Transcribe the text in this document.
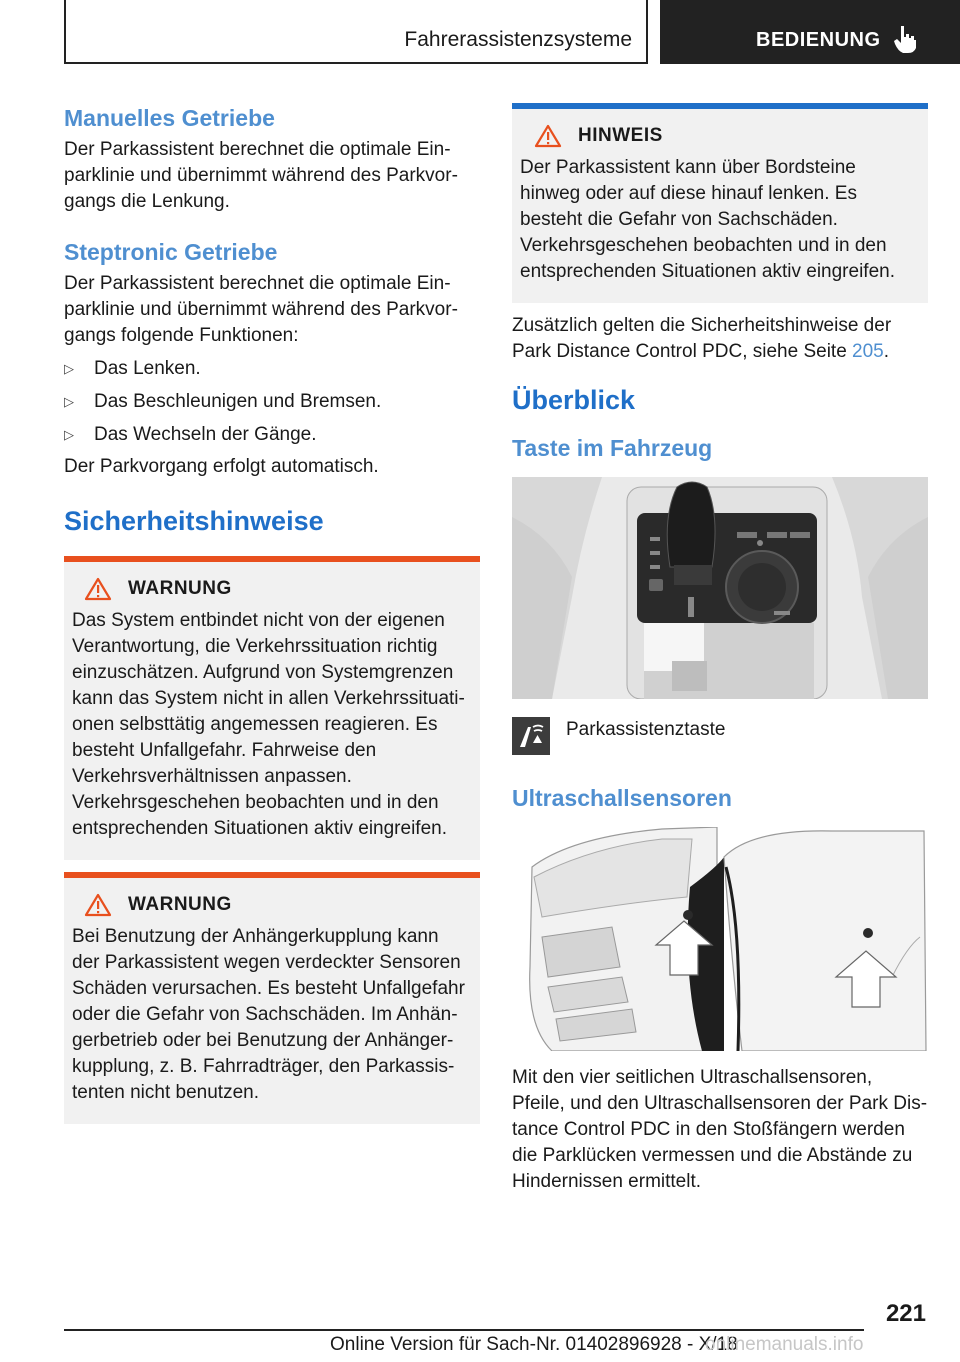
Fahrerassistenzsysteme	BEDIENUNG
Manuelles Getriebe

Der Parkassistent berechnet die optimale Einparklinie und übernimmt während des Parkvorgangs die Lenkung.

Steptronic Getriebe

Der Parkassistent berechnet die optimale Einparklinie und übernimmt während des Parkvorgangs folgende Funktionen:

▷ Das Lenken.
▷ Das Beschleunigen und Bremsen.
▷ Das Wechseln der Gänge.

Der Parkvorgang erfolgt automatisch.

Sicherheitshinweise
WARNUNG

Das System entbindet nicht von der eigenen Verantwortung, die Verkehrssituation richtig einzuschätzen. Aufgrund von Systemgrenzen kann das System nicht in allen Verkehrssituationen selbsttätig angemessen reagieren. Es besteht Unfallgefahr. Fahrweise den Verkehrsverhältnissen anpassen. Verkehrsgeschehen beobachten und in den entsprechenden Situationen aktiv eingreifen.

WARNUNG

Bei Benutzung der Anhängerkupplung kann der Parkassistent wegen verdeckter Sensoren Schäden verursachen. Es besteht Unfallgefahr oder die Gefahr von Sachschäden. Im Anhängerbetrieb oder bei Benutzung der Anhängerkupplung, z. B. Fahrradträger, den Parkassistenten nicht benutzen.

HINWEIS

Der Parkassistent kann über Bordsteine hinweg oder auf diese hinauf lenken. Es besteht die Gefahr von Sachschäden. Verkehrsgeschehen beobachten und in den entsprechenden Situationen aktiv eingreifen.

Zusätzlich gelten die Sicherheitshinweise der Park Distance Control PDC, siehe Seite 205.

Überblick
Taste im Fahrzeug
Parkassistenztaste
Ultraschallsensoren

Mit den vier seitlichen Ultraschallsensoren, Pfeile, und den Ultraschallsensoren der Park Distance Control PDC in den Stoßfängern werden die Parklücken vermessen und die Abstände zu Hindernissen ermittelt.

221
Online Version für Sach-Nr. 01402896928 - X/18
onlinemanuals.info
